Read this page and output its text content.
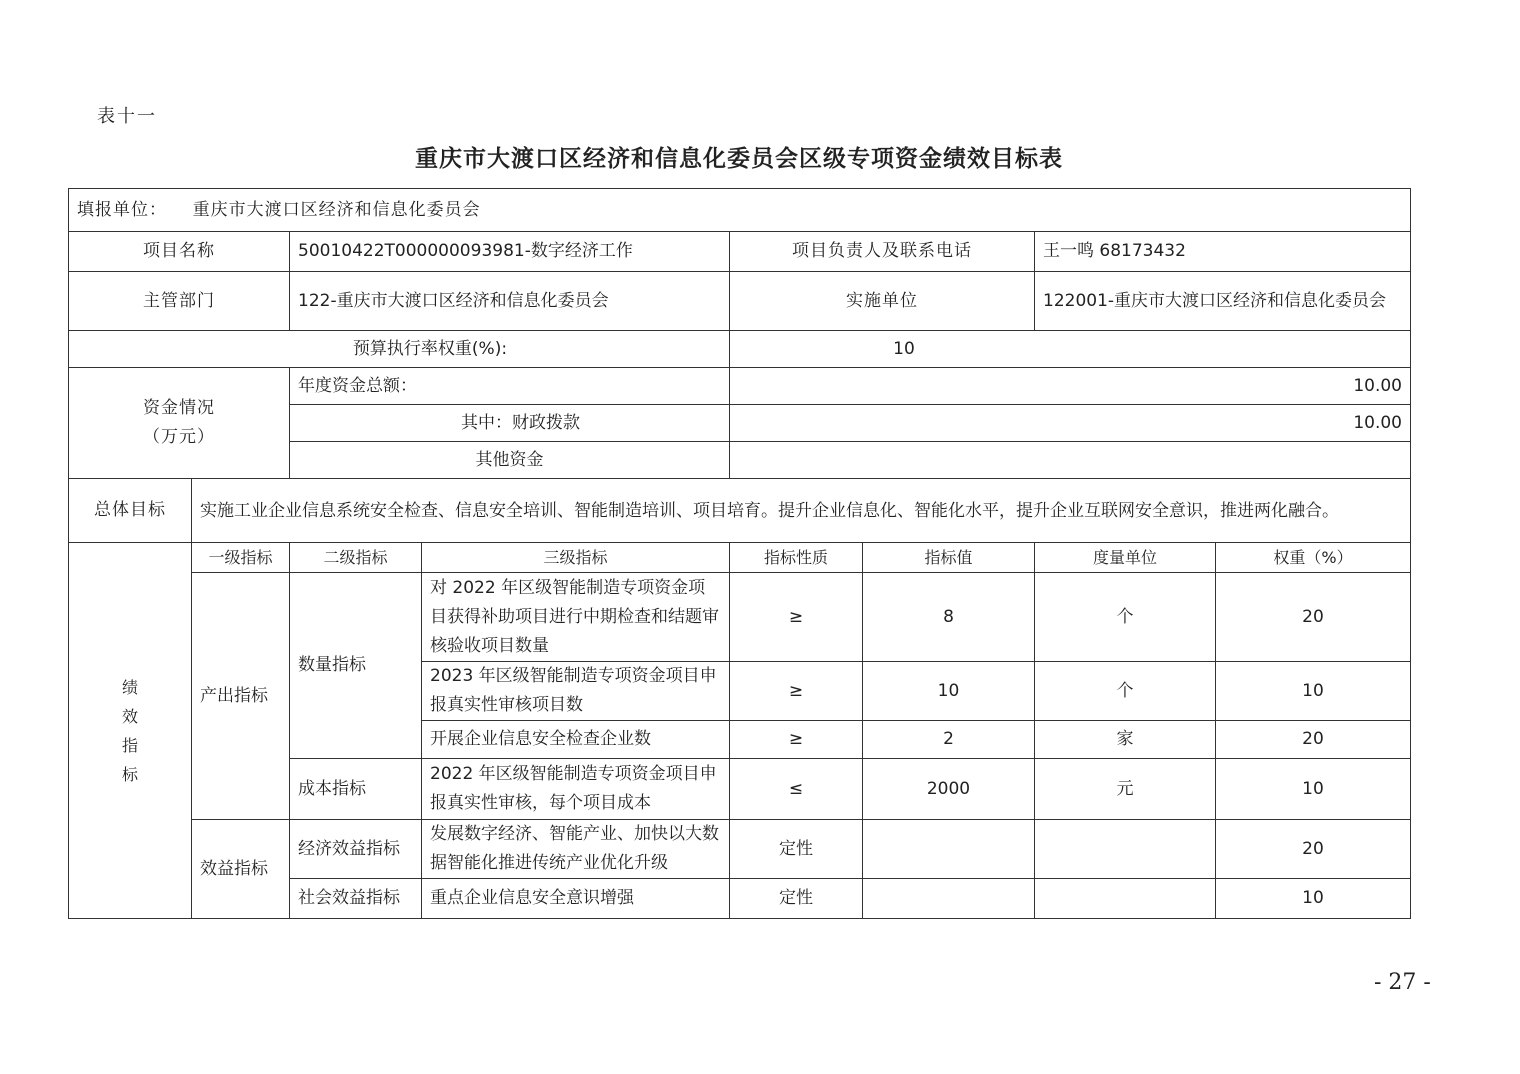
表十一
重庆市大渡口区经济和信息化委员会区级专项资金绩效目标表
填报单位： 重庆市大渡口区经济和信息化委员会							
项目名称		50010422T000000093981-数字经济工作		项目负责人及联系电话		王一鸣 68173432	
主管部门		122-重庆市大渡口区经济和信息化委员会		实施单位		122001-重庆市大渡口区经济和信息化委员会	
预算执行率权重(%):				10			

资金情况
（万元）		年度资金总额：		10.00			
		其中：财政拨款		10.00			
		其他资金					
总体目标	实施工业企业信息系统安全检查、信息安全培训、智能制造培训、项目培育。提升企业信息化、智能化水平，提升企业互联网安全意识，推进两化融合。						

绩
效
指
标	一级指标	二级指标	三级指标	指标性质	指标值	度量单位	权重（%）
	产出指标	数量指标	对 2022 年区级智能制造专项资金项目获得补助项目进行中期检查和结题审核验收项目数量	≥	8	个	20
			2023 年区级智能制造专项资金项目申报真实性审核项目数	≥	10	个	10
			开展企业信息安全检查企业数	≥	2	家	20
		成本指标	2022 年区级智能制造专项资金项目申报真实性审核，每个项目成本	≤	2000	元	10
	效益指标	经济效益指标	发展数字经济、智能产业、加快以大数据智能化推进传统产业优化升级	定性			20
		社会效益指标	重点企业信息安全意识增强	定性			10
- 27 -
